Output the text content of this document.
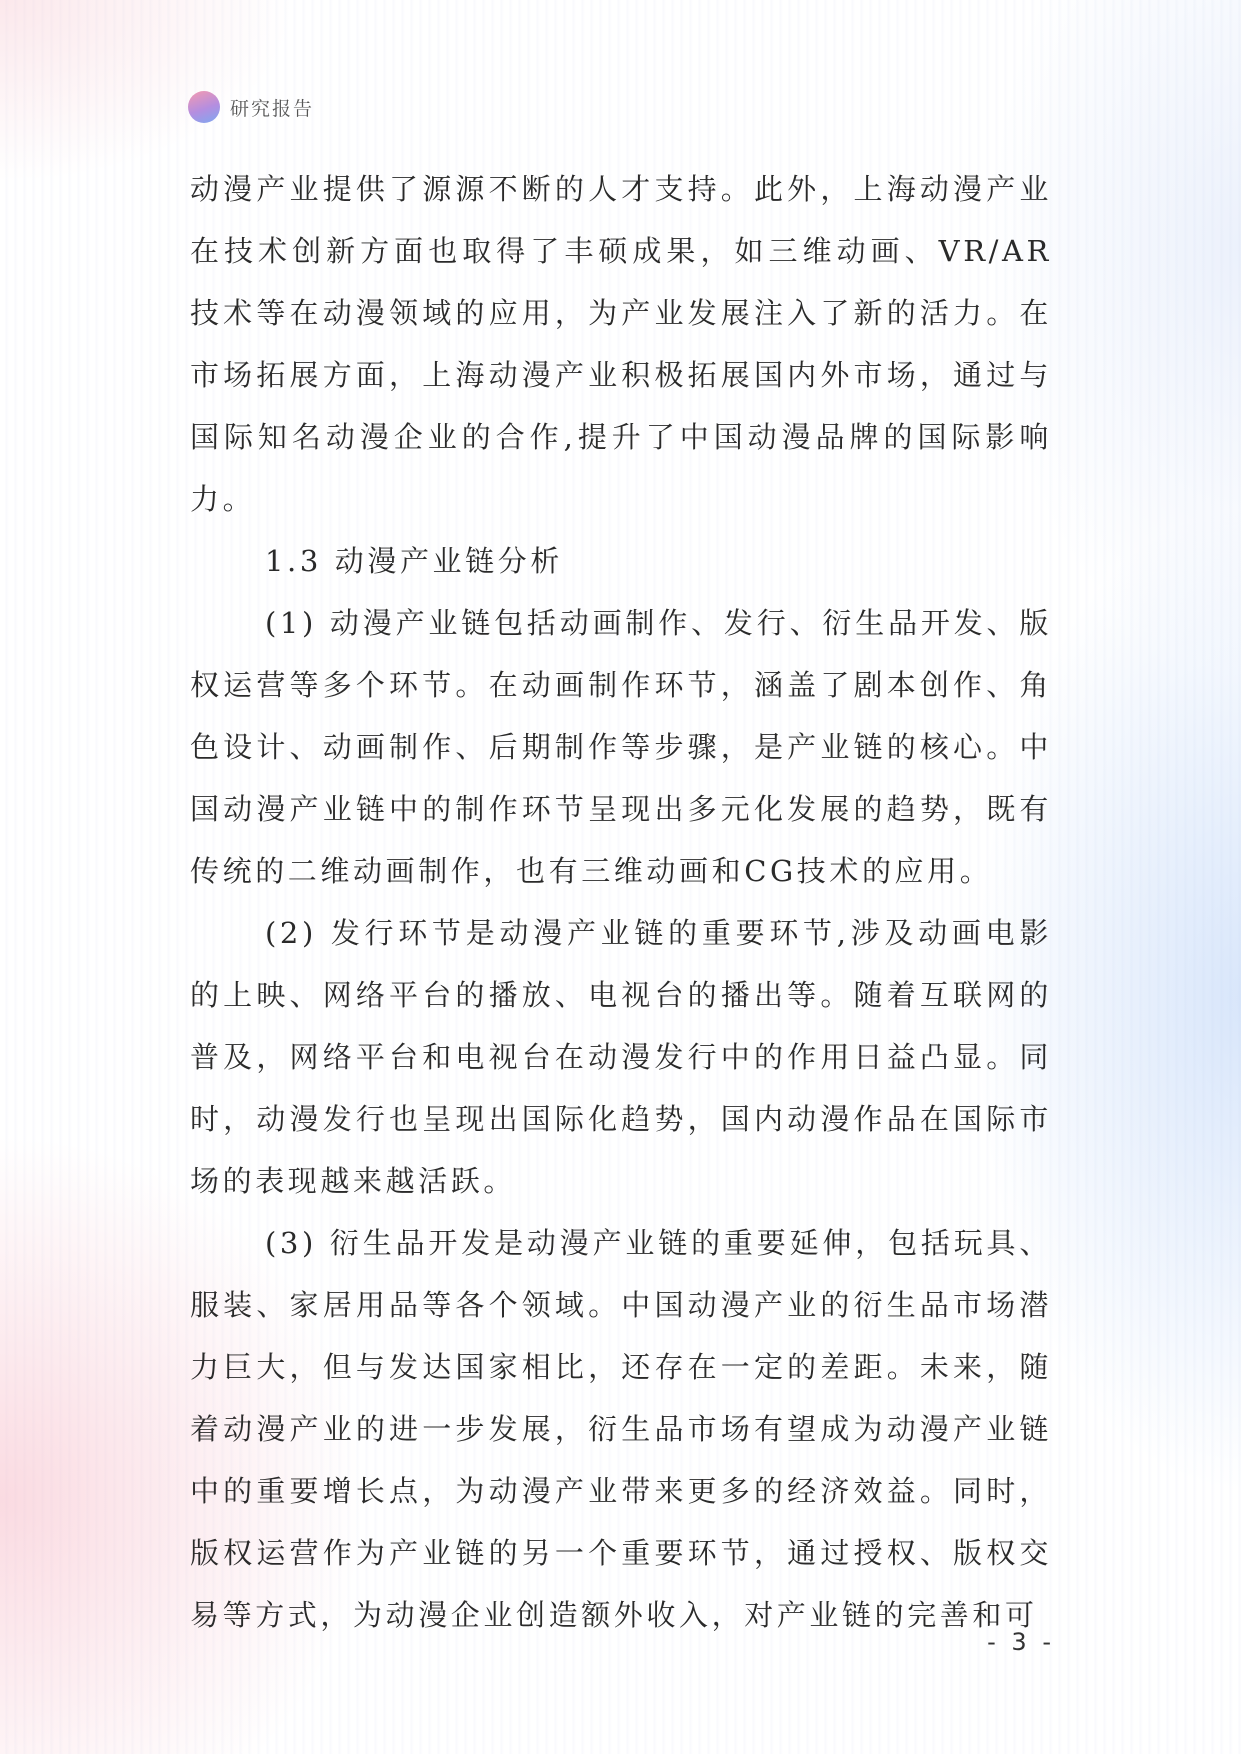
研究报告

动漫产业提供了源源不断的人才支持。此外，上海动漫产业在技术创新方面也取得了丰硕成果，如三维动画、VR/AR技术等在动漫领域的应用，为产业发展注入了新的活力。在市场拓展方面，上海动漫产业积极拓展国内外市场，通过与国际知名动漫企业的合作,提升了中国动漫品牌的国际影响力。

1.3 动漫产业链分析

(1) 动漫产业链包括动画制作、发行、衍生品开发、版权运营等多个环节。在动画制作环节，涵盖了剧本创作、角色设计、动画制作、后期制作等步骤，是产业链的核心。中国动漫产业链中的制作环节呈现出多元化发展的趋势，既有传统的二维动画制作，也有三维动画和CG技术的应用。

(2) 发行环节是动漫产业链的重要环节,涉及动画电影的上映、网络平台的播放、电视台的播出等。随着互联网的普及，网络平台和电视台在动漫发行中的作用日益凸显。同时，动漫发行也呈现出国际化趋势，国内动漫作品在国际市场的表现越来越活跃。

(3) 衍生品开发是动漫产业链的重要延伸，包括玩具、服装、家居用品等各个领域。中国动漫产业的衍生品市场潜力巨大，但与发达国家相比，还存在一定的差距。未来，随着动漫产业的进一步发展，衍生品市场有望成为动漫产业链中的重要增长点，为动漫产业带来更多的经济效益。同时，版权运营作为产业链的另一个重要环节，通过授权、版权交易等方式，为动漫企业创造额外收入，对产业链的完善和可

- 3 -
